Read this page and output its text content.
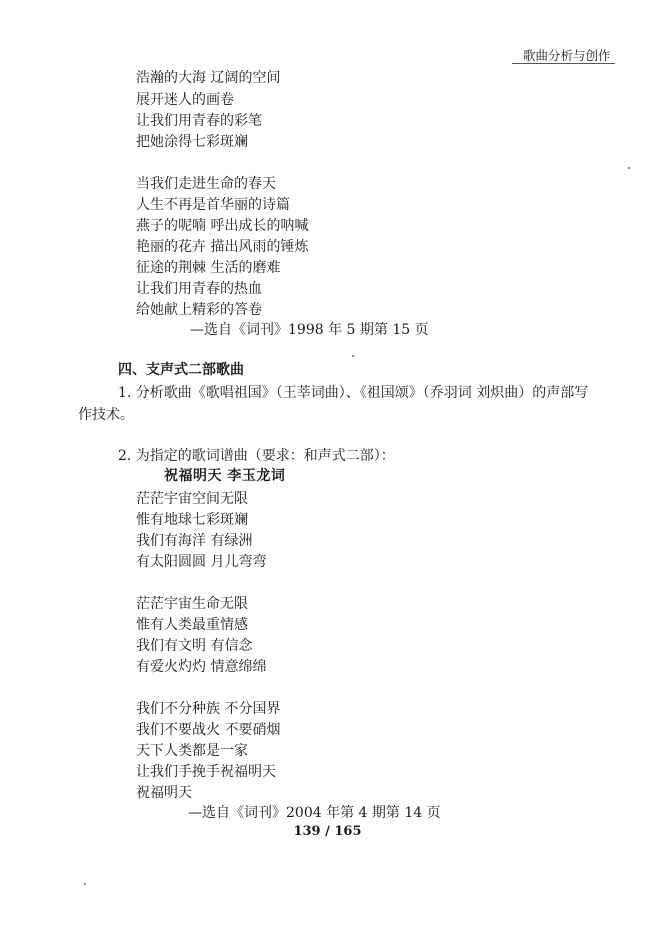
歌曲分析与创作
浩瀚的大海 辽阔的空间
展开迷人的画卷
让我们用青春的彩笔
把她涂得七彩斑斓
当我们走进生命的春天
人生不再是首华丽的诗篇
燕子的呢喃 呼出成长的呐喊
艳丽的花卉 描出风雨的锤炼
征途的荆棘 生活的磨难
让我们用青春的热血
给她献上精彩的答卷
—选自《词刊》1998 年 5 期第 15 页
四、支声式二部歌曲
1. 分析歌曲《歌唱祖国》（王莘词曲）、《祖国颂》（乔羽词 刘炽曲）的声部写
作技术。
2. 为指定的歌词谱曲（要求：和声式二部）：
祝福明天 李玉龙词
茫茫宇宙空间无限
惟有地球七彩斑斓
我们有海洋 有绿洲
有太阳圆圆 月儿弯弯
茫茫宇宙生命无限
惟有人类最重情感
我们有文明 有信念
有爱火灼灼 情意绵绵
我们不分种族 不分国界
我们不要战火 不要硝烟
天下人类都是一家
让我们手挽手祝福明天
祝福明天
—选自《词刊》2004 年第 4 期第 14 页
139 / 165
